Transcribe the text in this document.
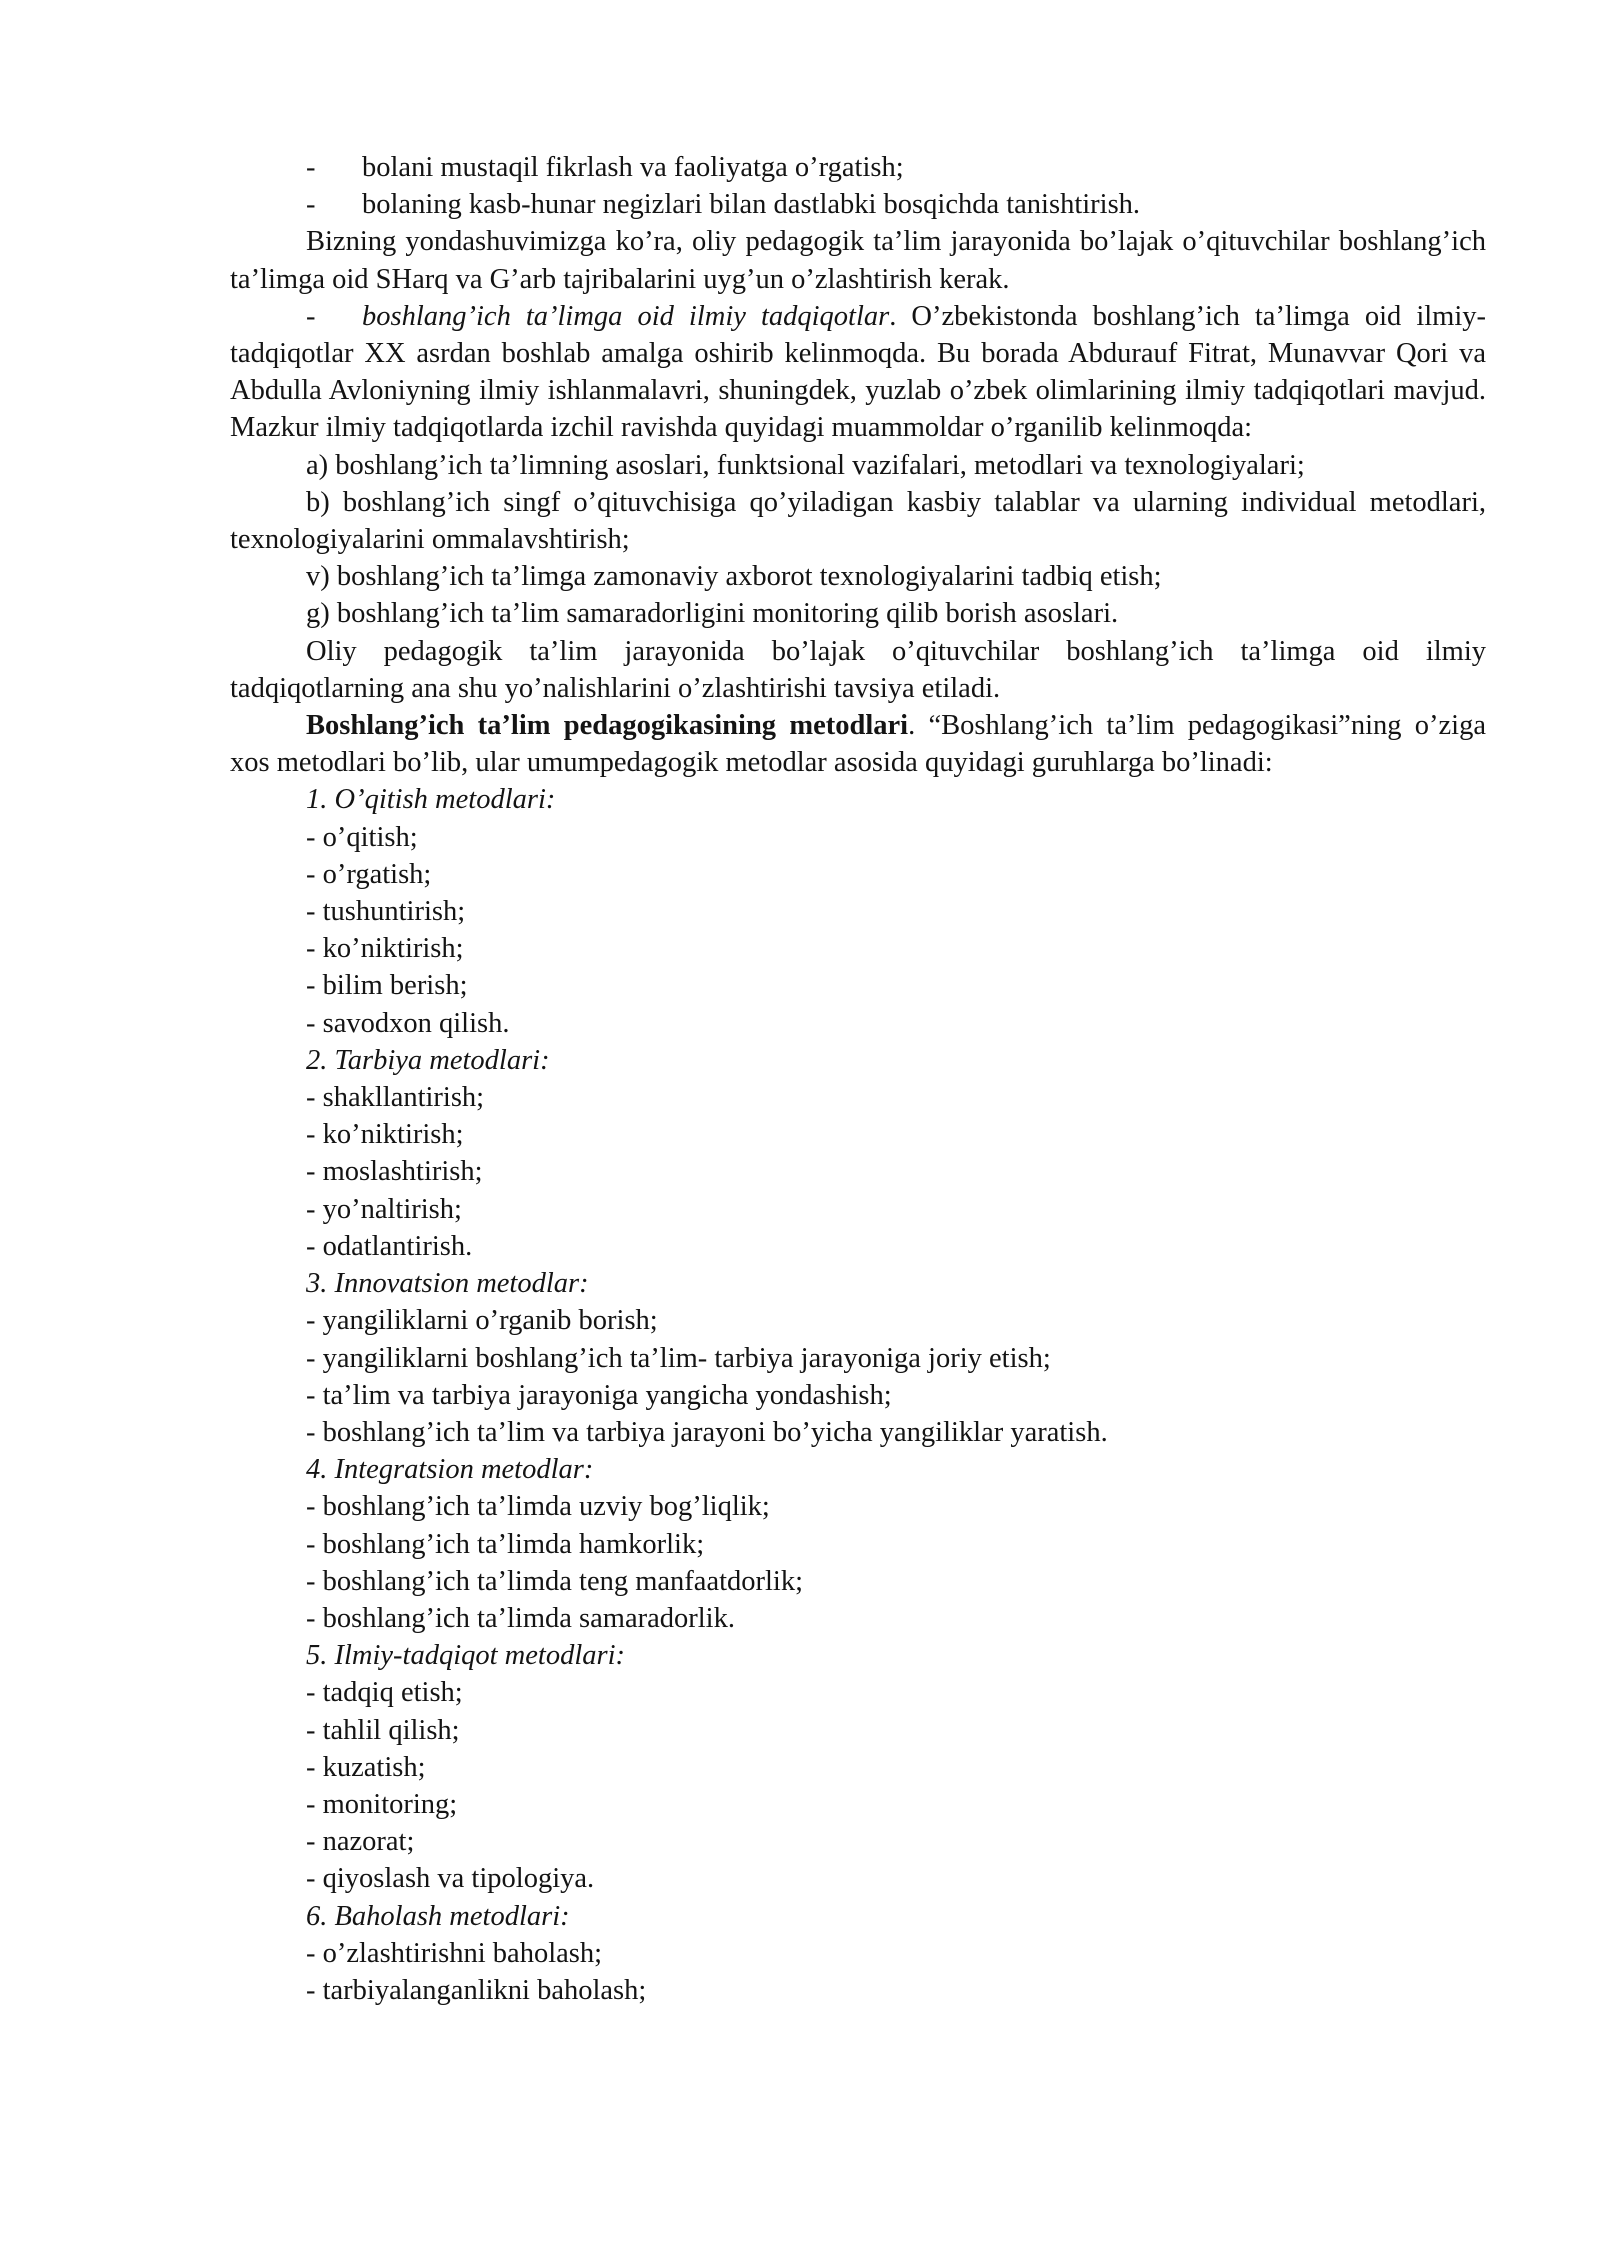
- bolani mustaqil fikrlash va faoliyatga o’rgatish;

- bolaning kasb-hunar negizlari bilan dastlabki bosqichda tanishtirish.

Bizning yondashuvimizga ko’ra, oliy pedagogik ta’lim jarayonida bo’lajak o’qituvchilar boshlang’ich ta’limga oid SHarq va G’arb tajribalarini uyg’un o’zlashtirish kerak.

- boshlang’ich ta’limga oid ilmiy tadqiqotlar. O’zbekistonda boshlang’ich ta’limga oid ilmiy-tadqiqotlar XX asrdan boshlab amalga oshirib kelinmoqda. Bu borada Abdurauf Fitrat, Munavvar Qori va Abdulla Avloniyning ilmiy ishlanmalavri, shuningdek, yuzlab o’zbek olimlarining ilmiy tadqiqotlari mavjud. Mazkur ilmiy tadqiqotlarda izchil ravishda quyidagi muammoldar o’rganilib kelinmoqda:

a) boshlang’ich ta’limning asoslari, funktsional vazifalari, metodlari va texnologiyalari;

b) boshlang’ich singf o’qituvchisiga qo’yiladigan kasbiy talablar va ularning individual metodlari, texnologiyalarini ommalavshtirish;

v) boshlang’ich ta’limga zamonaviy axborot texnologiyalarini tadbiq etish;

g) boshlang’ich ta’lim samaradorligini monitoring qilib borish asoslari.

Oliy pedagogik ta’lim jarayonida bo’lajak o’qituvchilar boshlang’ich ta’limga oid ilmiy tadqiqotlarning ana shu yo’nalishlarini o’zlashtirishi tavsiya etiladi.

Boshlang’ich ta’lim pedagogikasining metodlari. “Boshlang’ich ta’lim pedagogikasi”ning o’ziga xos metodlari bo’lib, ular umumpedagogik metodlar asosida quyidagi guruhlarga bo’linadi:

1. O’qitish metodlari:

- o’qitish;

- o’rgatish;

- tushuntirish;

- ko’niktirish;

- bilim berish;

- savodxon qilish.

2. Tarbiya metodlari:

- shakllantirish;

- ko’niktirish;

- moslashtirish;

- yo’naltirish;

- odatlantirish.

3. Innovatsion metodlar:

- yangiliklarni o’rganib borish;

- yangiliklarni boshlang’ich ta’lim- tarbiya jarayoniga joriy etish;

- ta’lim va tarbiya jarayoniga yangicha yondashish;

- boshlang’ich ta’lim va tarbiya jarayoni bo’yicha yangiliklar yaratish.

4. Integratsion metodlar:

- boshlang’ich ta’limda uzviy bog’liqlik;

- boshlang’ich ta’limda hamkorlik;

- boshlang’ich ta’limda teng manfaatdorlik;

- boshlang’ich ta’limda samaradorlik.

5. Ilmiy-tadqiqot metodlari:

- tadqiq etish;

- tahlil qilish;

- kuzatish;

- monitoring;

- nazorat;

- qiyoslash va tipologiya.

6. Baholash metodlari:

- o’zlashtirishni baholash;

- tarbiyalanganlikni baholash;
